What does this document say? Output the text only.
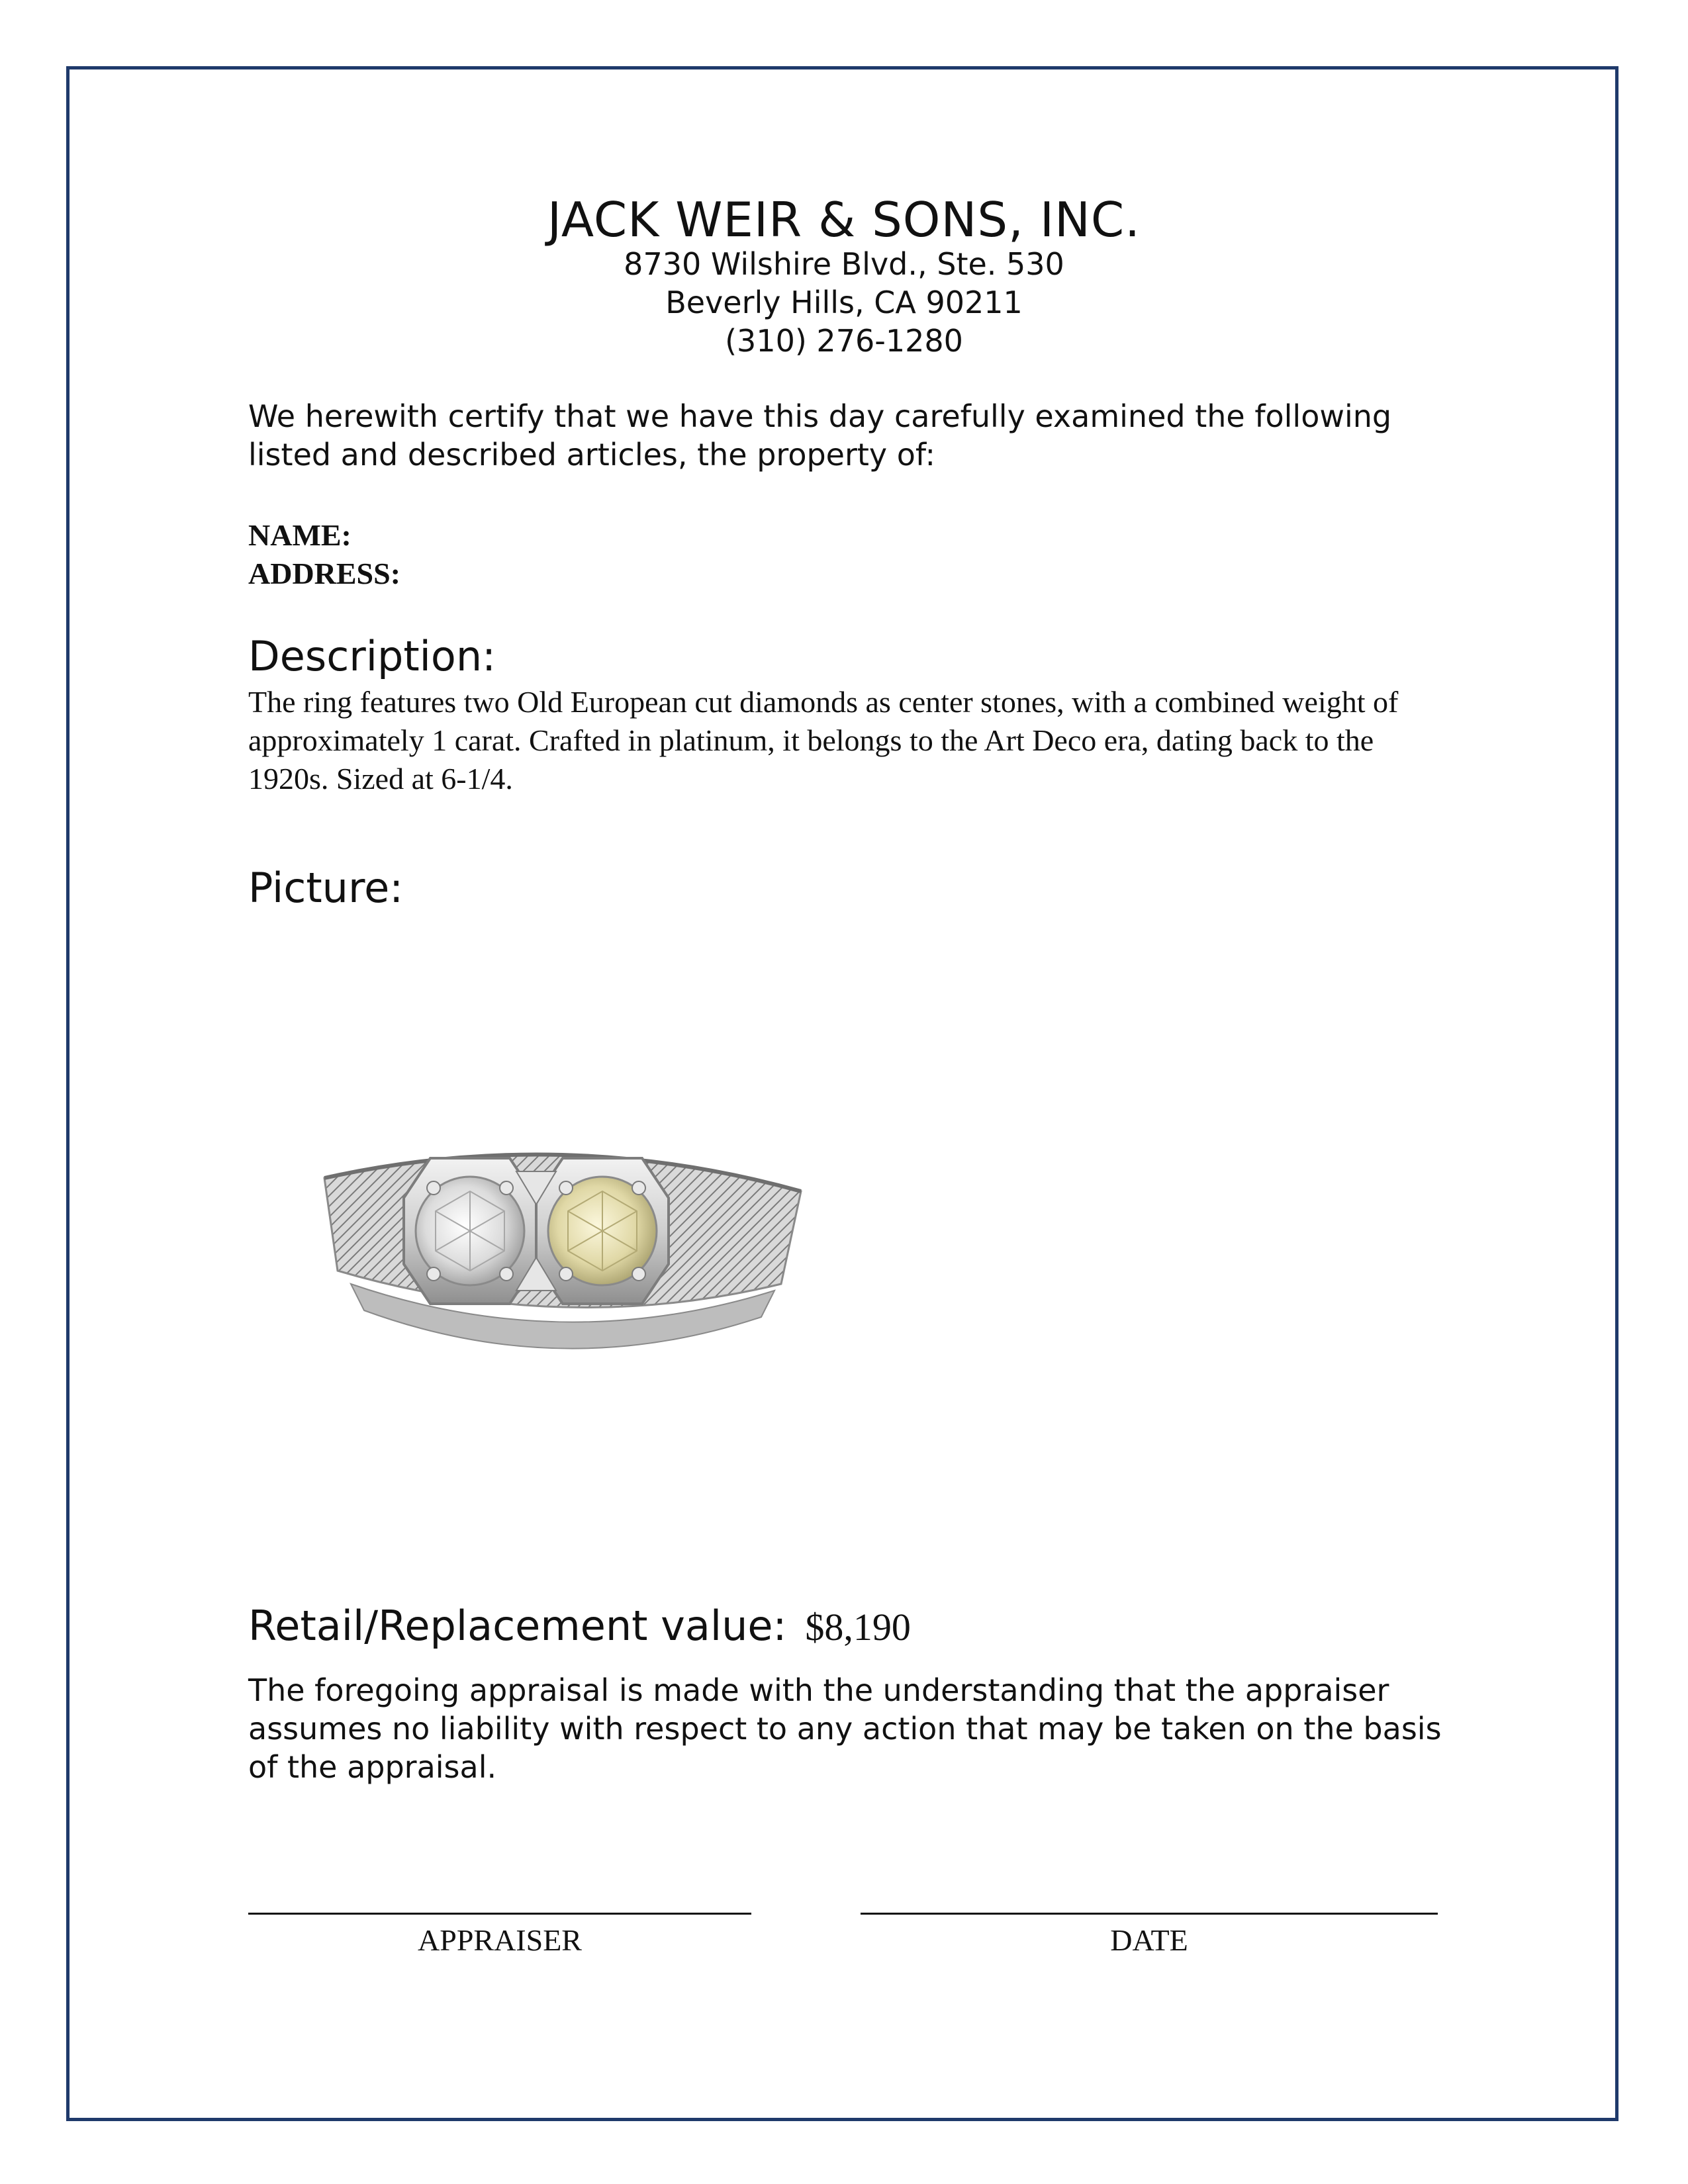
JACK WEIR & SONS, INC.
8730 Wilshire Blvd., Ste. 530
Beverly Hills, CA 90211
(310) 276-1280
We herewith certify that we have this day carefully examined the following listed and described articles, the property of:
NAME:
ADDRESS:
Description:
The ring features two Old European cut diamonds as center stones, with a combined weight of approximately 1 carat. Crafted in platinum, it belongs to the Art Deco era, dating back to the 1920s. Sized at 6-1/4.
Picture:
Retail/Replacement value: $8,190
The foregoing appraisal is made with the understanding that the appraiser assumes no liability with respect to any action that may be taken on the basis of the appraisal.
APPRAISER	DATE
